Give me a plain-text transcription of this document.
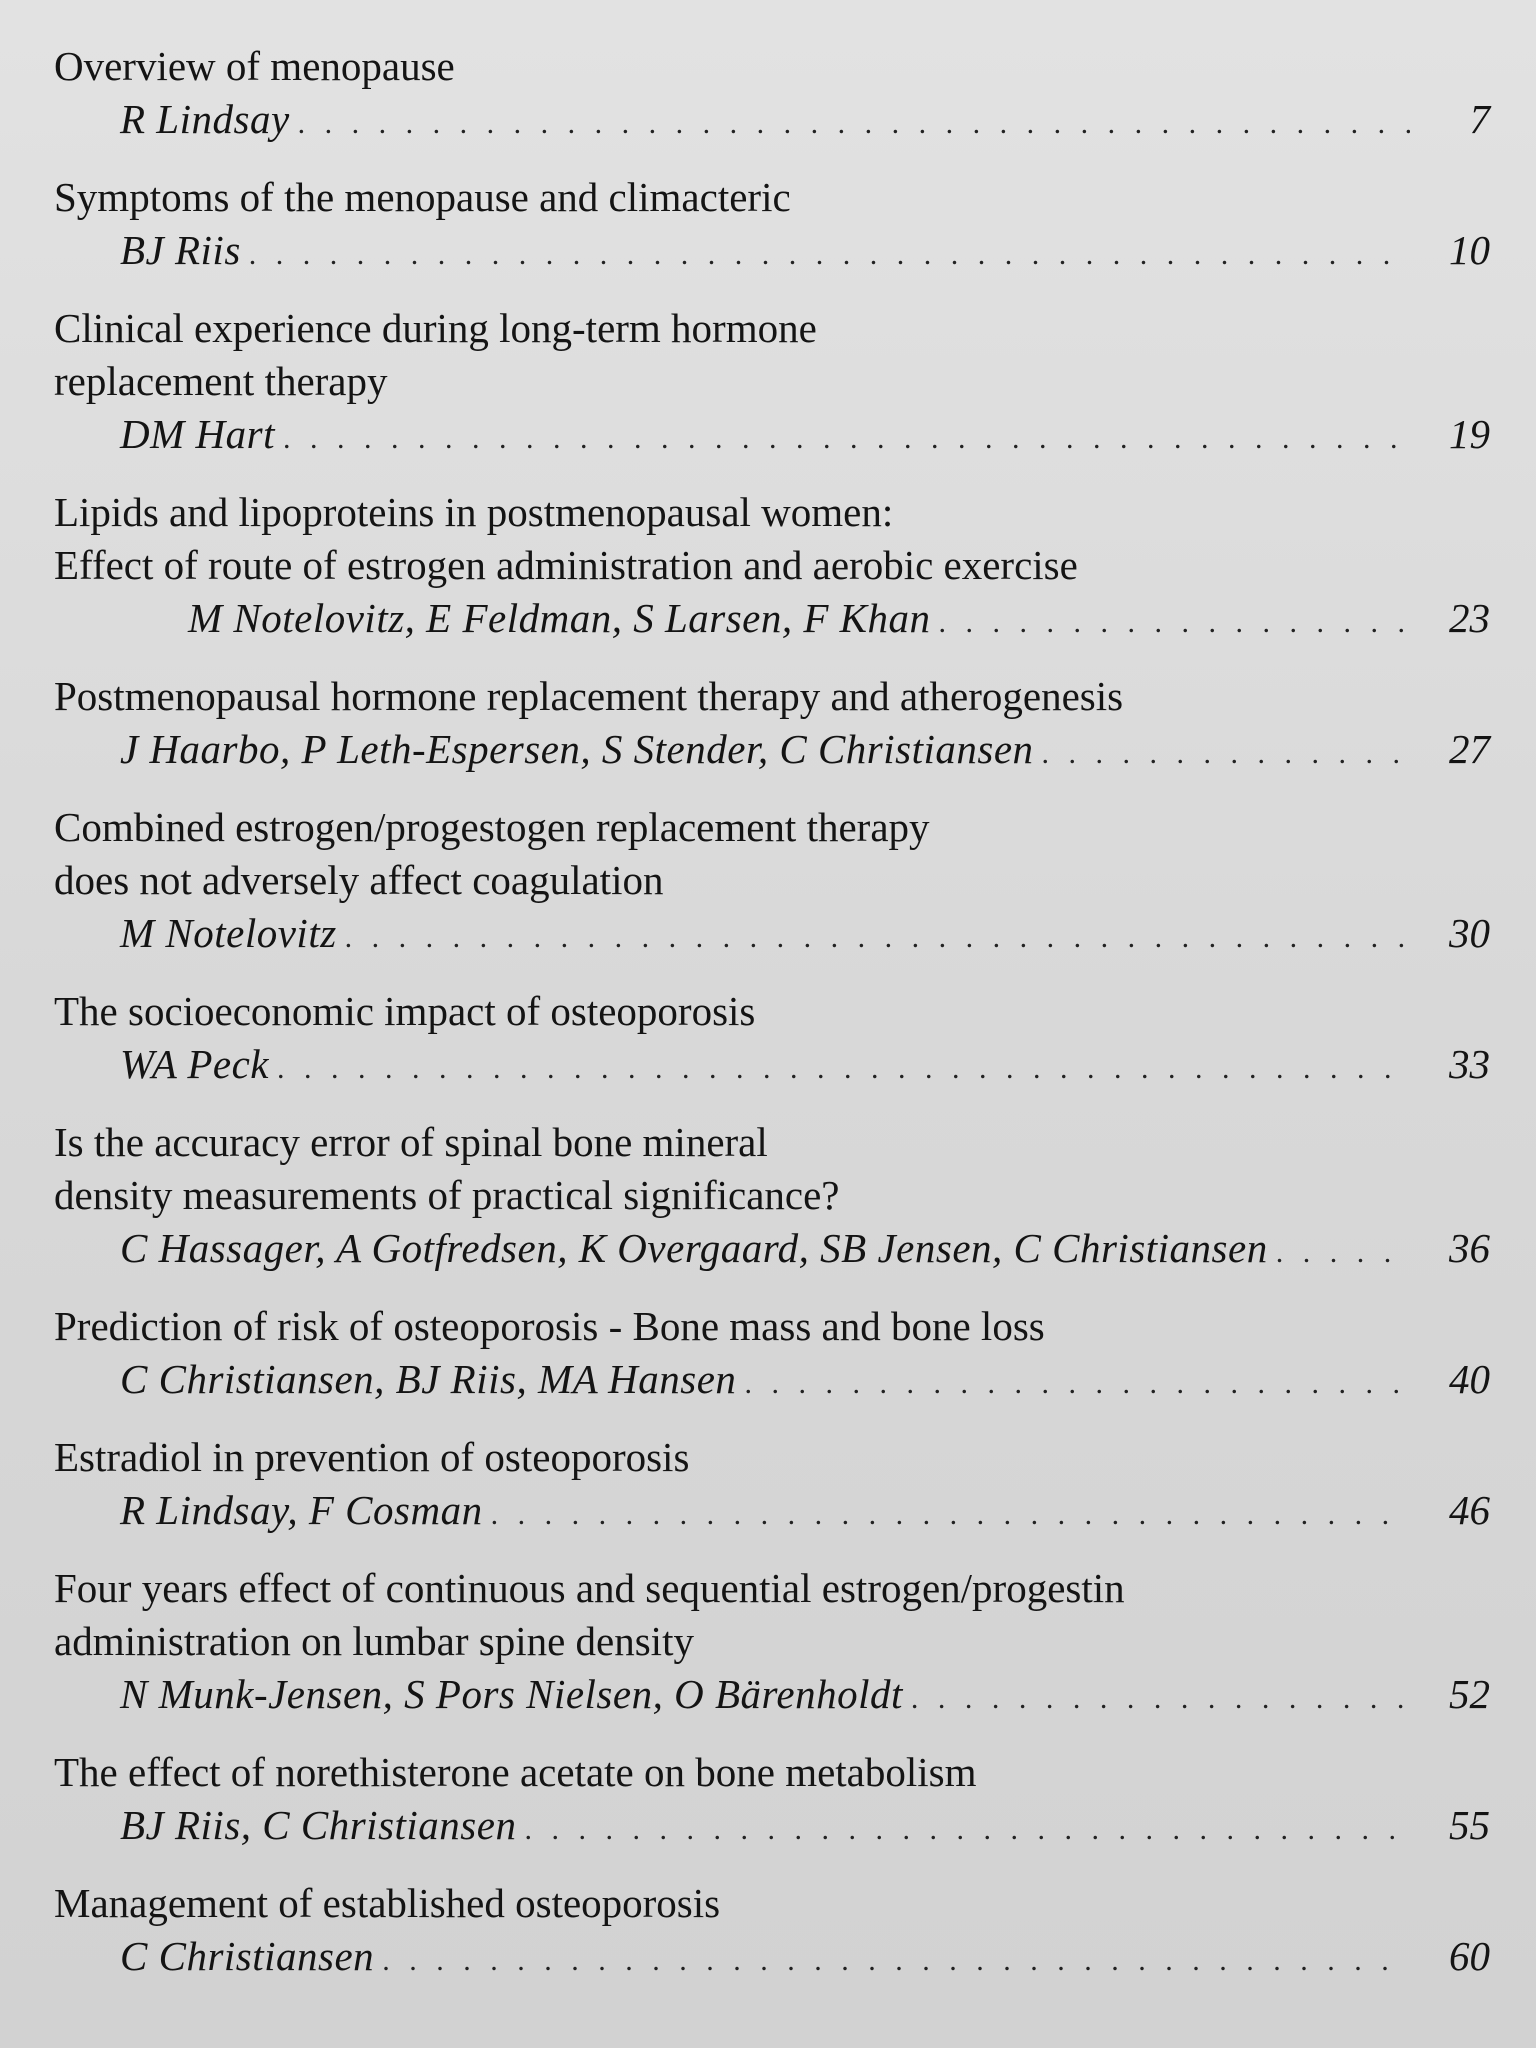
Overview of menopause
R Lindsay . . .	7
Symptoms of the menopause and climacteric
BJ Riis . . .	10
Clinical experience during long-term hormone
replacement therapy
DM Hart . . .	19
Lipids and lipoproteins in postmenopausal women:
Effect of route of estrogen administration and aerobic exercise
M Notelovitz, E Feldman, S Larsen, F Khan . . .	23
Postmenopausal hormone replacement therapy and atherogenesis
J Haarbo, P Leth-Espersen, S Stender, C Christiansen . . .	27
Combined estrogen/progestogen replacement therapy
does not adversely affect coagulation
M Notelovitz . . .	30
The socioeconomic impact of osteoporosis
WA Peck . . .	33
Is the accuracy error of spinal bone mineral
density measurements of practical significance?
C Hassager, A Gotfredsen, K Overgaard, SB Jensen, C Christiansen . . .	36
Prediction of risk of osteoporosis - Bone mass and bone loss
C Christiansen, BJ Riis, MA Hansen . . .	40
Estradiol in prevention of osteoporosis
R Lindsay, F Cosman . . .	46
Four years effect of continuous and sequential estrogen/progestin
administration on lumbar spine density
N Munk-Jensen, S Pors Nielsen, O Bärenholdt . . .	52
The effect of norethisterone acetate on bone metabolism
BJ Riis, C Christiansen . . .	55
Management of established osteoporosis
C Christiansen . . .	60
